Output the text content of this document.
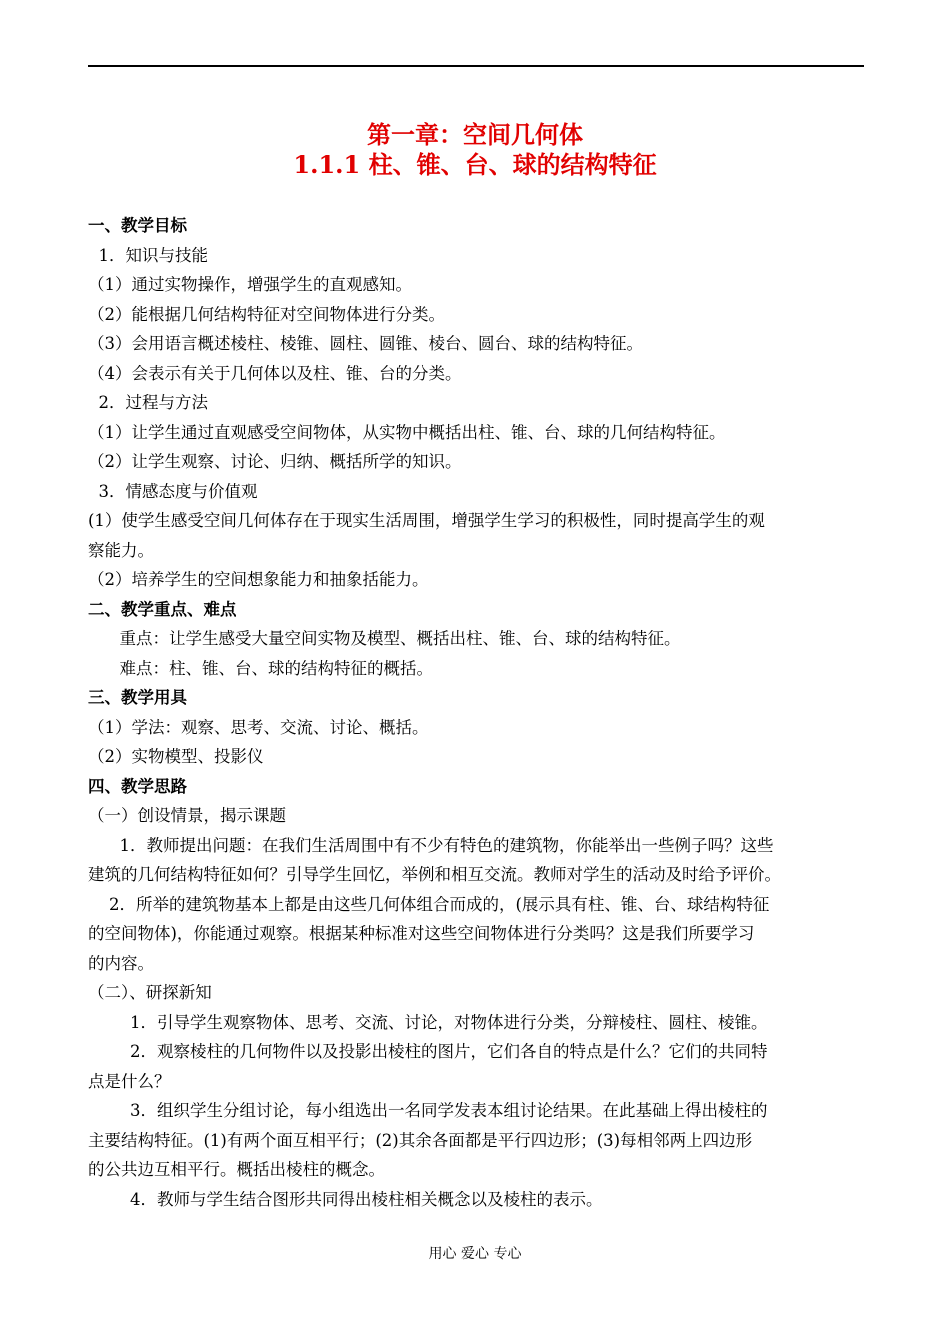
第一章：空间几何体
1.1.1 柱、锥、台、球的结构特征
一、教学目标
1．知识与技能
（1）通过实物操作，增强学生的直观感知。
（2）能根据几何结构特征对空间物体进行分类。
（3）会用语言概述棱柱、棱锥、圆柱、圆锥、棱台、圆台、球的结构特征。
（4）会表示有关于几何体以及柱、锥、台的分类。
2．过程与方法
（1）让学生通过直观感受空间物体，从实物中概括出柱、锥、台、球的几何结构特征。
（2）让学生观察、讨论、归纳、概括所学的知识。
3．情感态度与价值观
(1）使学生感受空间几何体存在于现实生活周围，增强学生学习的积极性，同时提高学生的观
察能力。
（2）培养学生的空间想象能力和抽象括能力。
二、教学重点、难点
重点：让学生感受大量空间实物及模型、概括出柱、锥、台、球的结构特征。
难点：柱、锥、台、球的结构特征的概括。
三、教学用具
（1）学法：观察、思考、交流、讨论、概括。
（2）实物模型、投影仪
四、教学思路
（一）创设情景，揭示课题
1．教师提出问题：在我们生活周围中有不少有特色的建筑物，你能举出一些例子吗？这些
建筑的几何结构特征如何？引导学生回忆，举例和相互交流。教师对学生的活动及时给予评价。
2．所举的建筑物基本上都是由这些几何体组合而成的，(展示具有柱、锥、台、球结构特征
的空间物体)，你能通过观察。根据某种标准对这些空间物体进行分类吗？这是我们所要学习
的内容。
（二）、研探新知
1．引导学生观察物体、思考、交流、讨论，对物体进行分类，分辩棱柱、圆柱、棱锥。
2．观察棱柱的几何物件以及投影出棱柱的图片，它们各自的特点是什么？它们的共同特
点是什么？
3．组织学生分组讨论，每小组选出一名同学发表本组讨论结果。在此基础上得出棱柱的
主要结构特征。(1)有两个面互相平行；(2)其余各面都是平行四边形；(3)每相邻两上四边形
的公共边互相平行。概括出棱柱的概念。
4．教师与学生结合图形共同得出棱柱相关概念以及棱柱的表示。
用心 爱心 专心
